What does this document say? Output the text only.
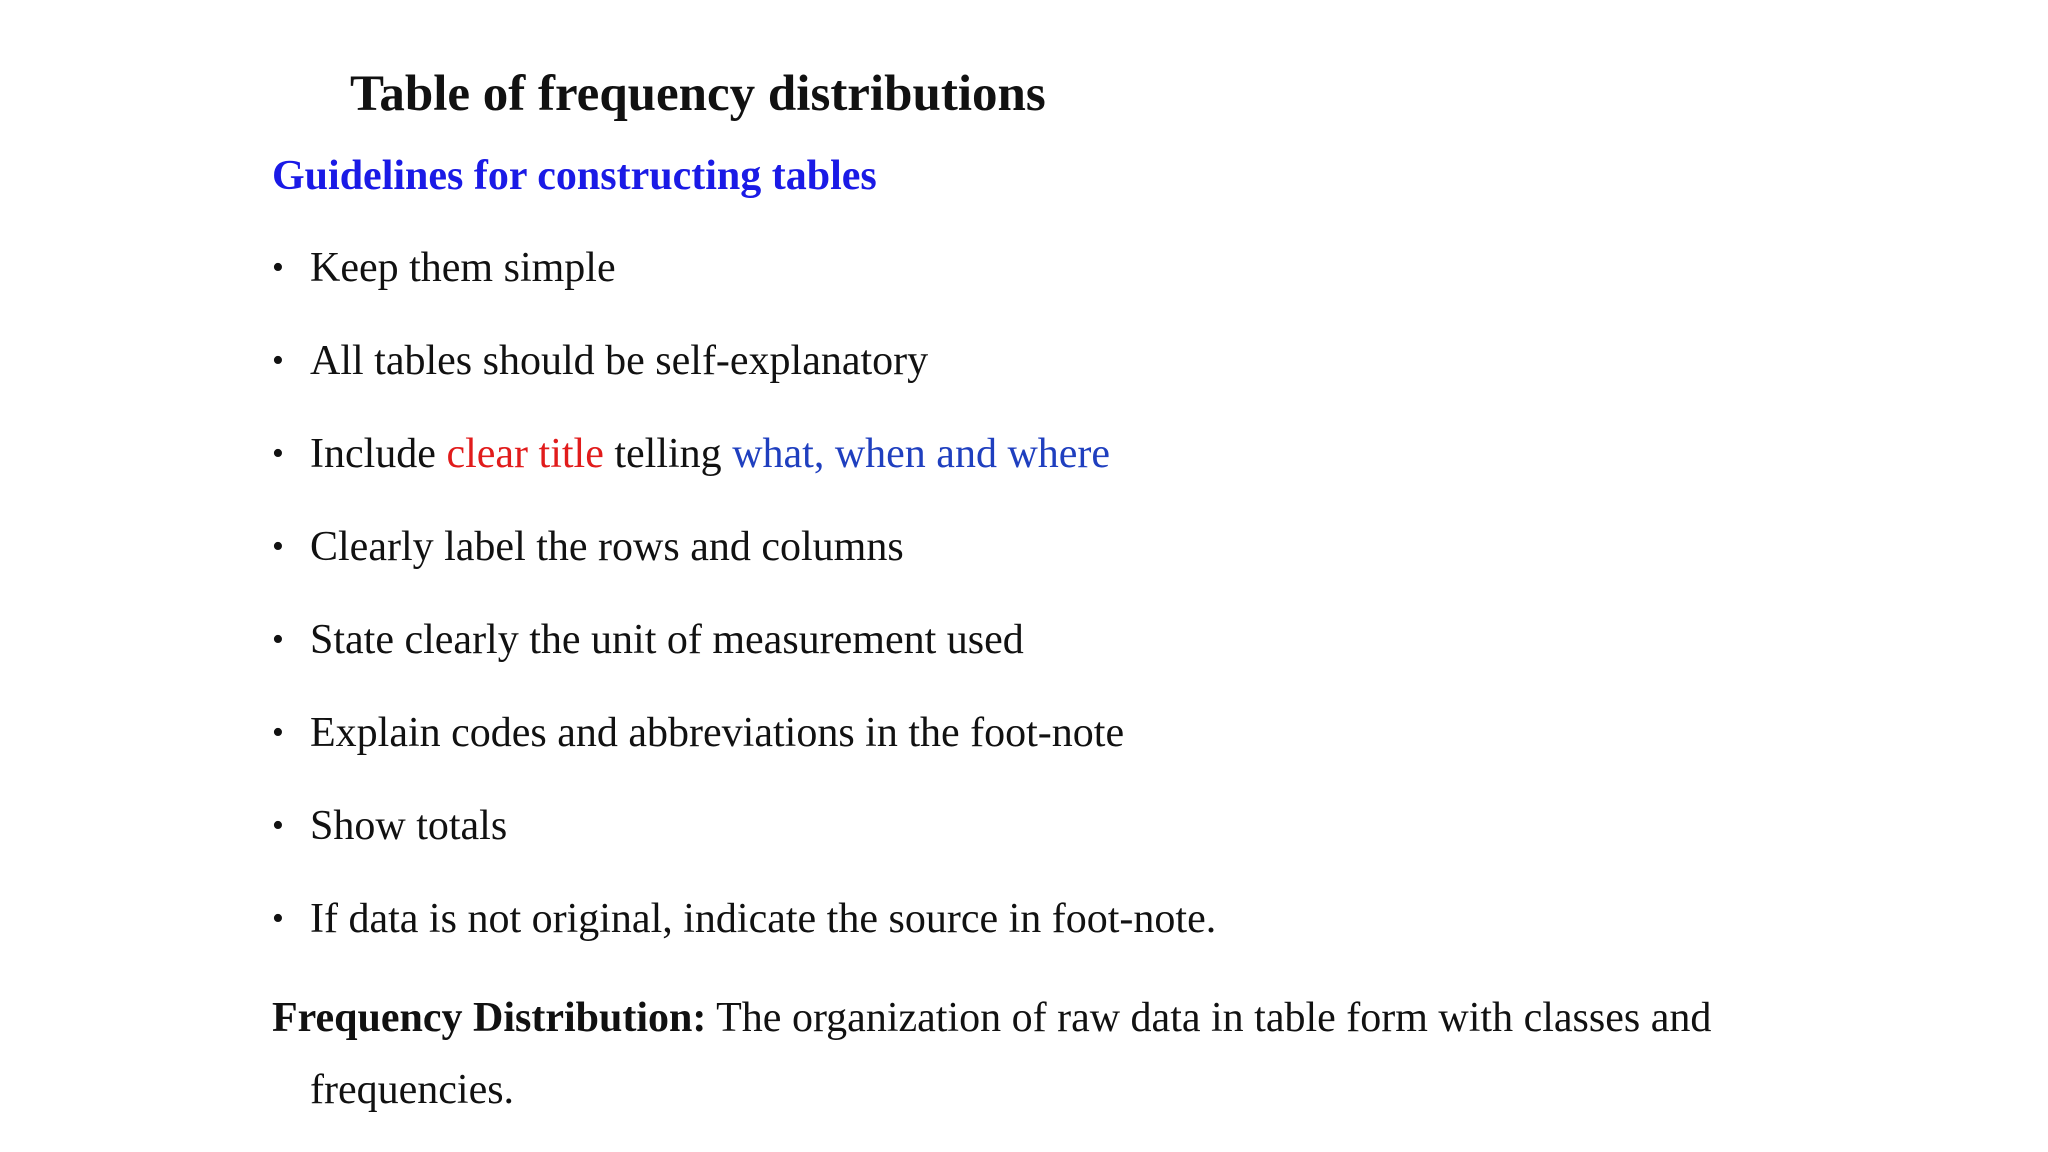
Table of frequency distributions
Guidelines for constructing tables
• Keep them simple
• All tables should be self-explanatory
• Include clear title telling what, when and where
• Clearly label the rows and columns
• State clearly the unit of measurement used
• Explain codes and abbreviations in the foot-note
• Show totals
• If data is not original, indicate the source in foot-note.

Frequency Distribution: The organization of raw data in table form with classes and frequencies.
